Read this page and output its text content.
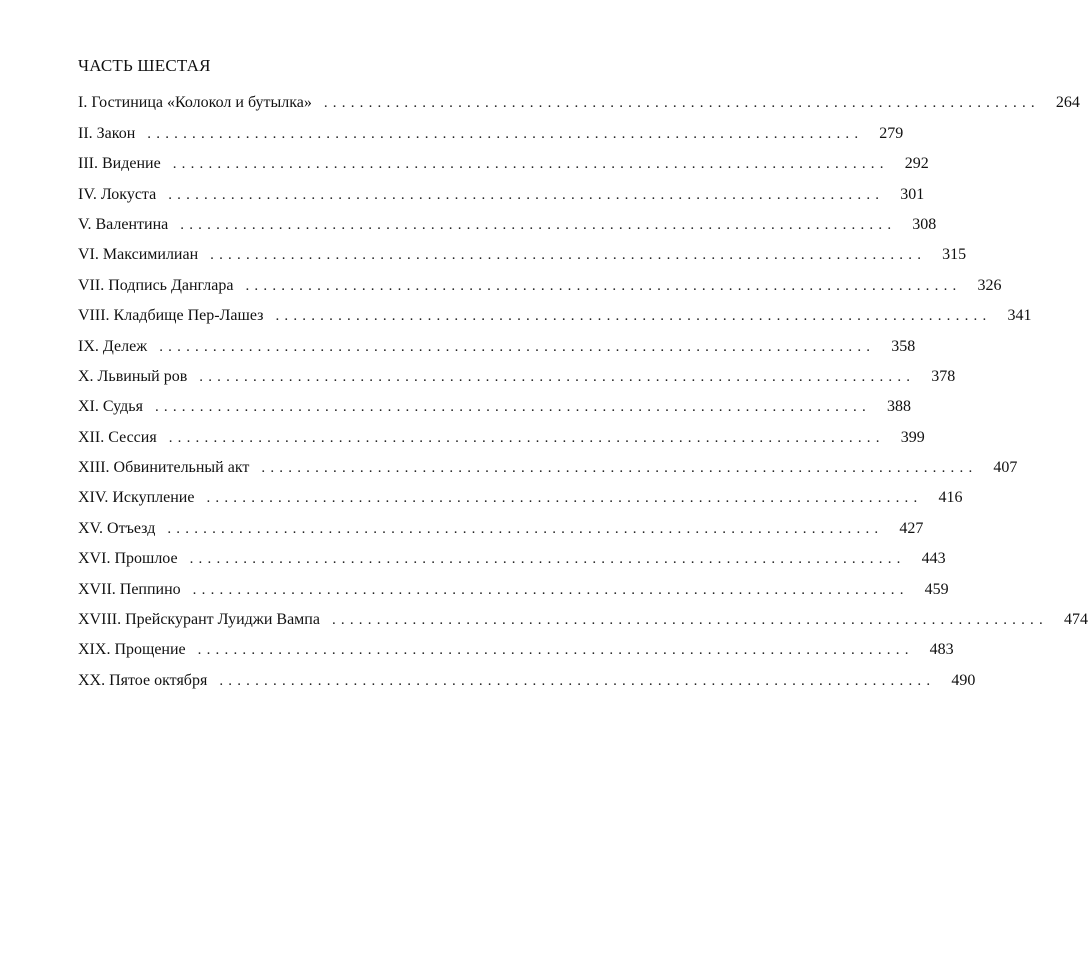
ЧАСТЬ ШЕСТАЯ
I. Гостиница «Колокол и бутылка» ................................................................................	264
II. Закон ................................................................................	279
III. Видение ................................................................................	292
IV. Локуста ................................................................................	301
V. Валентина ................................................................................	308
VI. Максимилиан ................................................................................	315
VII. Подпись Данглара ................................................................................	326
VIII. Кладбище Пер-Лашез ................................................................................	341
IX. Дележ ................................................................................	358
X. Львиный ров ................................................................................	378
XI. Судья ................................................................................	388
XII. Сессия ................................................................................	399
XIII. Обвинительный акт ................................................................................	407
XIV. Искупление ................................................................................	416
XV. Отъезд ................................................................................	427
XVI. Прошлое ................................................................................	443
XVII. Пеппино ................................................................................	459
XVIII. Прейскурант Луиджи Вампа ................................................................................	474
XIX. Прощение ................................................................................	483
XX. Пятое октября ................................................................................	490
